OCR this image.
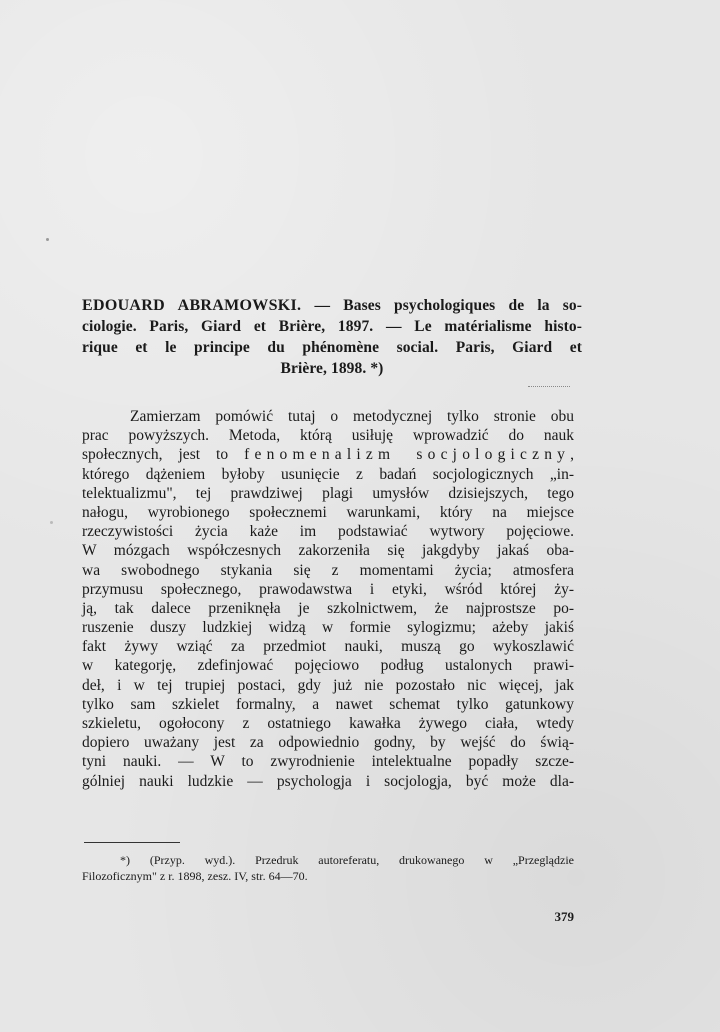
EDOUARD ABRAMOWSKI. — Bases psychologiques de la so-
ciologie. Paris, Giard et Brière, 1897. — Le matérialisme histo-
rique et le principe du phénomène social. Paris, Giard et
Brière, 1898. *)
Zamierzam pomówić tutaj o metodycznej tylko stronie obu
prac powyższych. Metoda, którą usiłuję wprowadzić do nauk
społecznych, jest to fenomenalizm socjologiczny,
którego dążeniem byłoby usunięcie z badań socjologicznych „in-
telektualizmu", tej prawdziwej plagi umysłów dzisiejszych, tego
nałogu, wyrobionego społecznemi warunkami, który na miejsce
rzeczywistości życia każe im podstawiać wytwory pojęciowe.
W mózgach współczesnych zakorzeniła się jakgdyby jakaś oba-
wa swobodnego stykania się z momentami życia; atmosfera
przymusu społecznego, prawodawstwa i etyki, wśród której ży-
ją, tak dalece przeniknęła je szkolnictwem, że najprostsze po-
ruszenie duszy ludzkiej widzą w formie sylogizmu; ażeby jakiś
fakt żywy wziąć za przedmiot nauki, muszą go wykoszlawić
w kategorję, zdefinjować pojęciowo podług ustalonych prawi-
deł, i w tej trupiej postaci, gdy już nie pozostało nic więcej, jak
tylko sam szkielet formalny, a nawet schemat tylko gatunkowy
szkieletu, ogołocony z ostatniego kawałka żywego ciała, wtedy
dopiero uważany jest za odpowiednio godny, by wejść do świą-
tyni nauki. — W to zwyrodnienie intelektualne popadły szcze-
gólniej nauki ludzkie — psychologja i socjologja, być może dla-
*) (Przyp. wyd.). Przedruk autoreferatu, drukowanego w „Przeglądzie
Filozoficznym" z r. 1898, zesz. IV, str. 64—70.
379
